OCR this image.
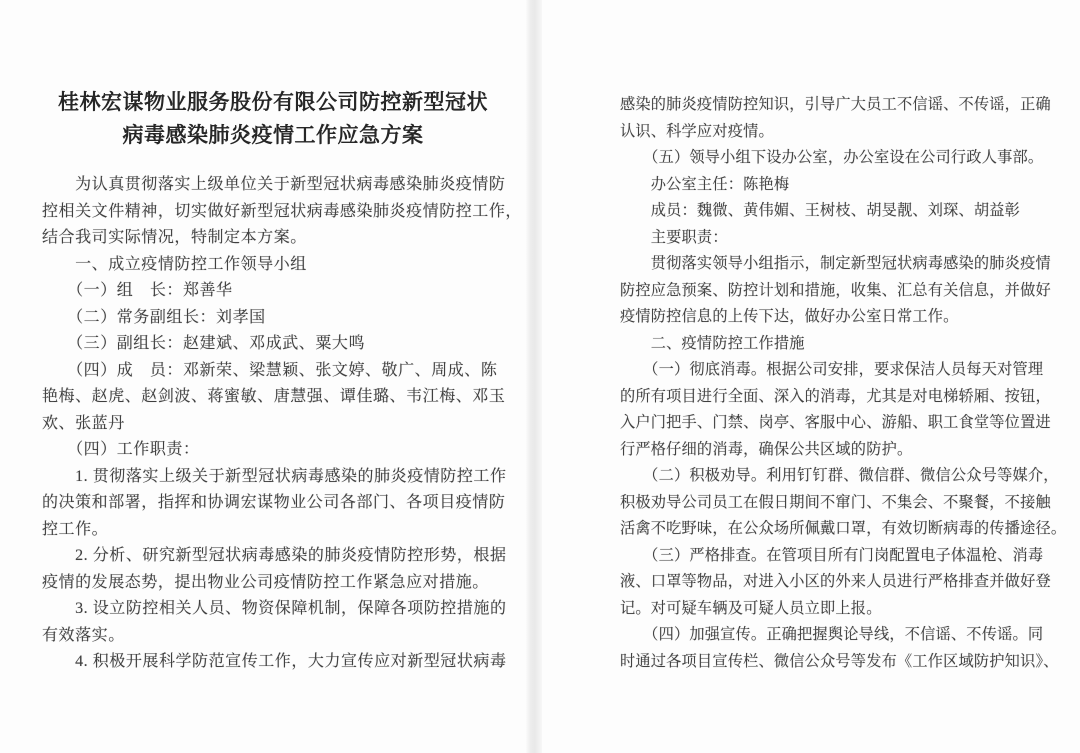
桂林宏谋物业服务股份有限公司防控新型冠状
病毒感染肺炎疫情工作应急方案
　　为认真贯彻落实上级单位关于新型冠状病毒感染肺炎疫情防
控相关文件精神，切实做好新型冠状病毒感染肺炎疫情防控工作，
结合我司实际情况，特制定本方案。
　　一、成立疫情防控工作领导小组
　　（一）组　长：郑善华
　　（二）常务副组长：刘孝国
　　（三）副组长：赵建斌、邓成武、粟大鸣
　　（四）成　员：邓新荣、梁慧颖、张文婷、敬广、周成、陈
艳梅、赵虎、赵剑波、蒋蜜敏、唐慧强、谭佳璐、韦江梅、邓玉
欢、张蓝丹
　　（四）工作职责：
　　1. 贯彻落实上级关于新型冠状病毒感染的肺炎疫情防控工作
的决策和部署，指挥和协调宏谋物业公司各部门、各项目疫情防
控工作。
　　2. 分析、研究新型冠状病毒感染的肺炎疫情防控形势，根据
疫情的发展态势，提出物业公司疫情防控工作紧急应对措施。
　　3. 设立防控相关人员、物资保障机制，保障各项防控措施的
有效落实。
　　4. 积极开展科学防范宣传工作，大力宣传应对新型冠状病毒
感染的肺炎疫情防控知识，引导广大员工不信谣、不传谣，正确
认识、科学应对疫情。
　　（五）领导小组下设办公室，办公室设在公司行政人事部。
　　办公室主任：陈艳梅
　　成员：魏微、黄伟媚、王树枝、胡旻靓、刘琛、胡益彰
　　主要职责：
　　贯彻落实领导小组指示，制定新型冠状病毒感染的肺炎疫情
防控应急预案、防控计划和措施，收集、汇总有关信息，并做好
疫情防控信息的上传下达，做好办公室日常工作。
　　二、疫情防控工作措施
　　（一）彻底消毒。根据公司安排，要求保洁人员每天对管理
的所有项目进行全面、深入的消毒，尤其是对电梯轿厢、按钮，
入户门把手、门禁、岗亭、客服中心、游船、职工食堂等位置进
行严格仔细的消毒，确保公共区域的防护。
　　（二）积极劝导。利用钉钉群、微信群、微信公众号等媒介，
积极劝导公司员工在假日期间不窜门、不集会、不聚餐，不接触
活禽不吃野味，在公众场所佩戴口罩，有效切断病毒的传播途径。
　　（三）严格排查。在管项目所有门岗配置电子体温枪、消毒
液、口罩等物品，对进入小区的外来人员进行严格排查并做好登
记。对可疑车辆及可疑人员立即上报。
　　（四）加强宣传。正确把握舆论导线，不信谣、不传谣。同
时通过各项目宣传栏、微信公众号等发布《工作区域防护知识》、
